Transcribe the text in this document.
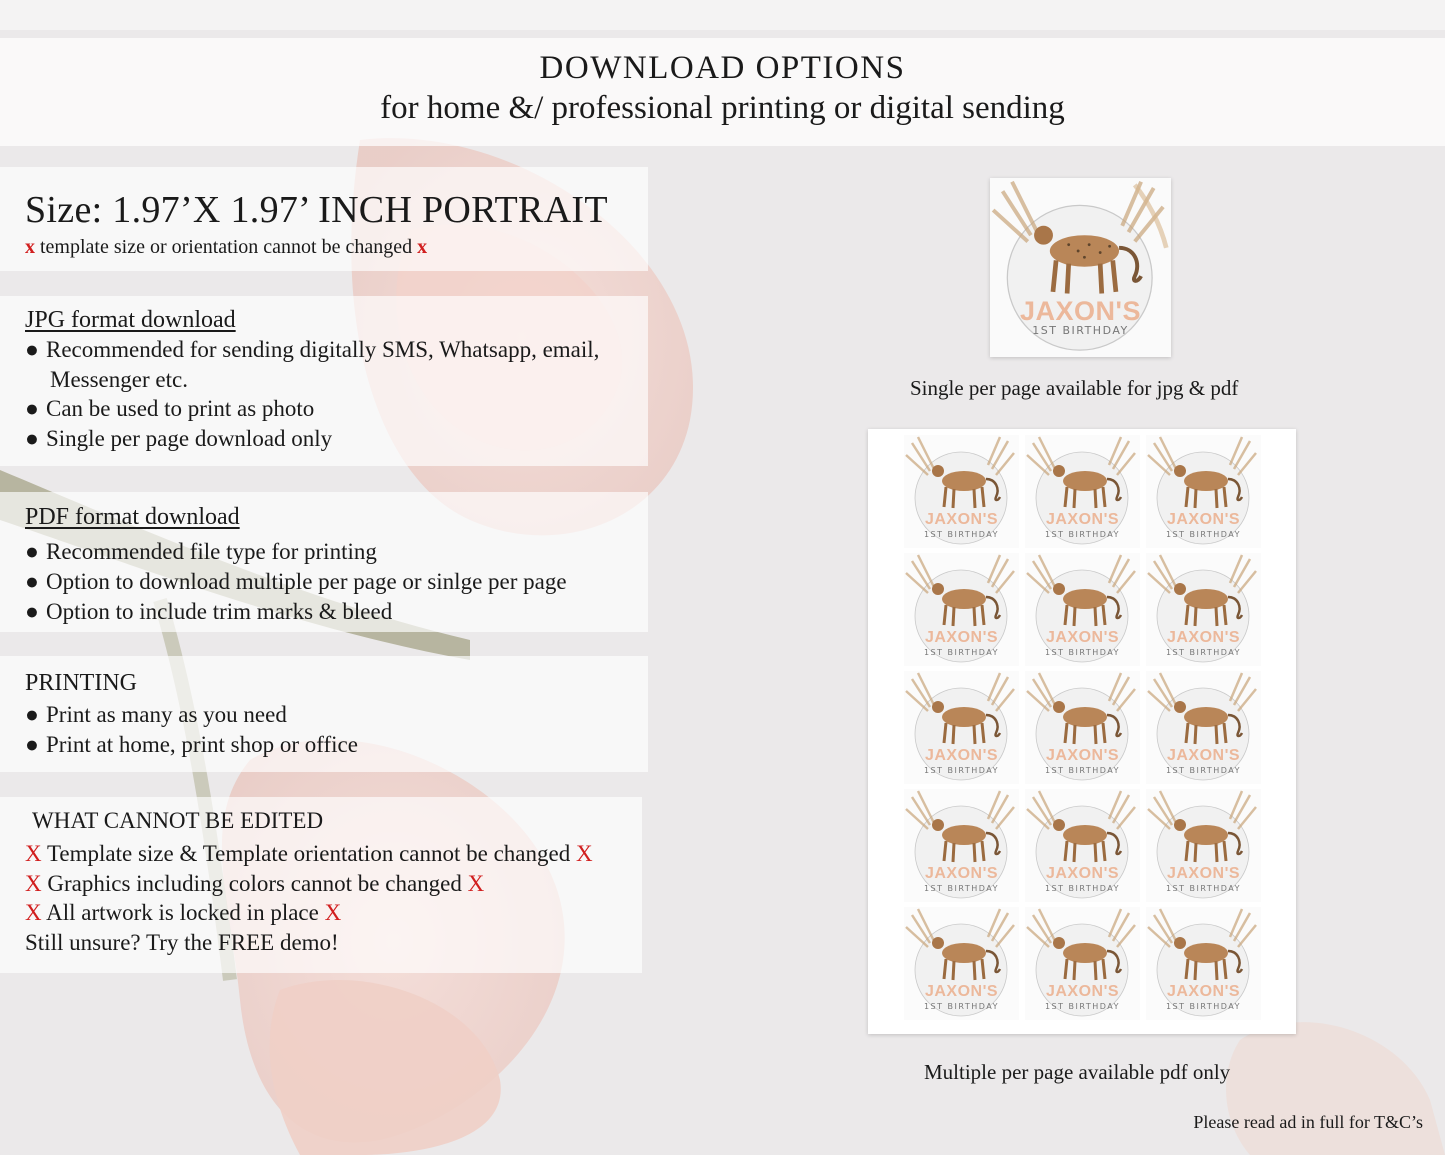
DOWNLOAD OPTIONS
for home &/ professional printing or digital sending
Size: 1.97’X 1.97’ INCH PORTRAIT
x template size or orientation cannot be changed x
JPG format download
● Recommended for sending digitally SMS, Whatsapp, email,
Messenger etc.
● Can be used to print as photo
● Single per page download only
PDF format download
● Recommended file type for printing
● Option to download multiple per page or sinlge per page
● Option to include trim marks & bleed
PRINTING
● Print as many as you need
● Print at home, print shop or office
WHAT CANNOT BE EDITED
X Template size & Template orientation cannot be changed X
X Graphics including colors cannot be changed X
X All artwork is locked in place X
Still unsure? Try the FREE demo!
JAXON'S
1ST BIRTHDAY
Single per page available for jpg & pdf
JAXON'S
1ST BIRTHDAY
JAXON'S
1ST BIRTHDAY
JAXON'S
1ST BIRTHDAY
JAXON'S
1ST BIRTHDAY
JAXON'S
1ST BIRTHDAY
JAXON'S
1ST BIRTHDAY
JAXON'S
1ST BIRTHDAY
JAXON'S
1ST BIRTHDAY
JAXON'S
1ST BIRTHDAY
JAXON'S
1ST BIRTHDAY
JAXON'S
1ST BIRTHDAY
JAXON'S
1ST BIRTHDAY
JAXON'S
1ST BIRTHDAY
JAXON'S
1ST BIRTHDAY
JAXON'S
1ST BIRTHDAY
Multiple per page available pdf only
Please read ad in full for T&C’s
